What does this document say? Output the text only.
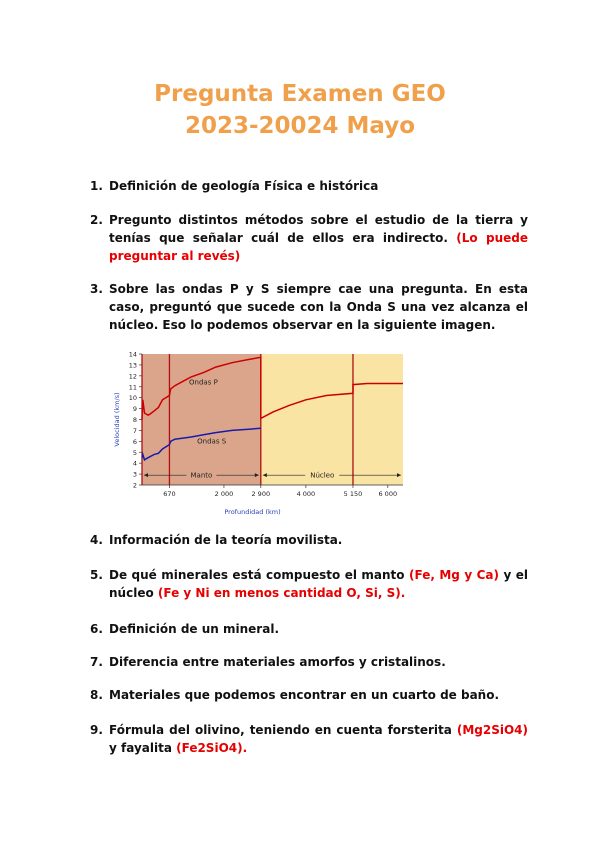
Pregunta Examen GEO
2023-20024 Mayo
1. Definición de geología Física e histórica
2. Pregunto distintos métodos sobre el estudio de la tierra y tenías que señalar cuál de ellos era indirecto. (Lo puede preguntar al revés)
3. Sobre las ondas P y S siempre cae una pregunta. En esta caso, preguntó que sucede con la Onda S una vez alcanza el núcleo. Eso lo podemos observar en la siguiente imagen.
2
3
4
5
6
7
8
9
10
11
12
13
14
670	2 000	2 900	4 000	5 150 6 000
Ondas P
Ondas S
Manto	Núcleo
Profundidad (km)
Velocidad (km/s)
4. Información de la teoría movilista.
5. De qué minerales está compuesto el manto (Fe, Mg y Ca) y el núcleo (Fe y Ni en menos cantidad O, Si, S).
6. Definición de un mineral.
7. Diferencia entre materiales amorfos y cristalinos.
8. Materiales que podemos encontrar en un cuarto de baño.
9. Fórmula del olivino, teniendo en cuenta forsterita (Mg2SiO4) y fayalita (Fe2SiO4).
